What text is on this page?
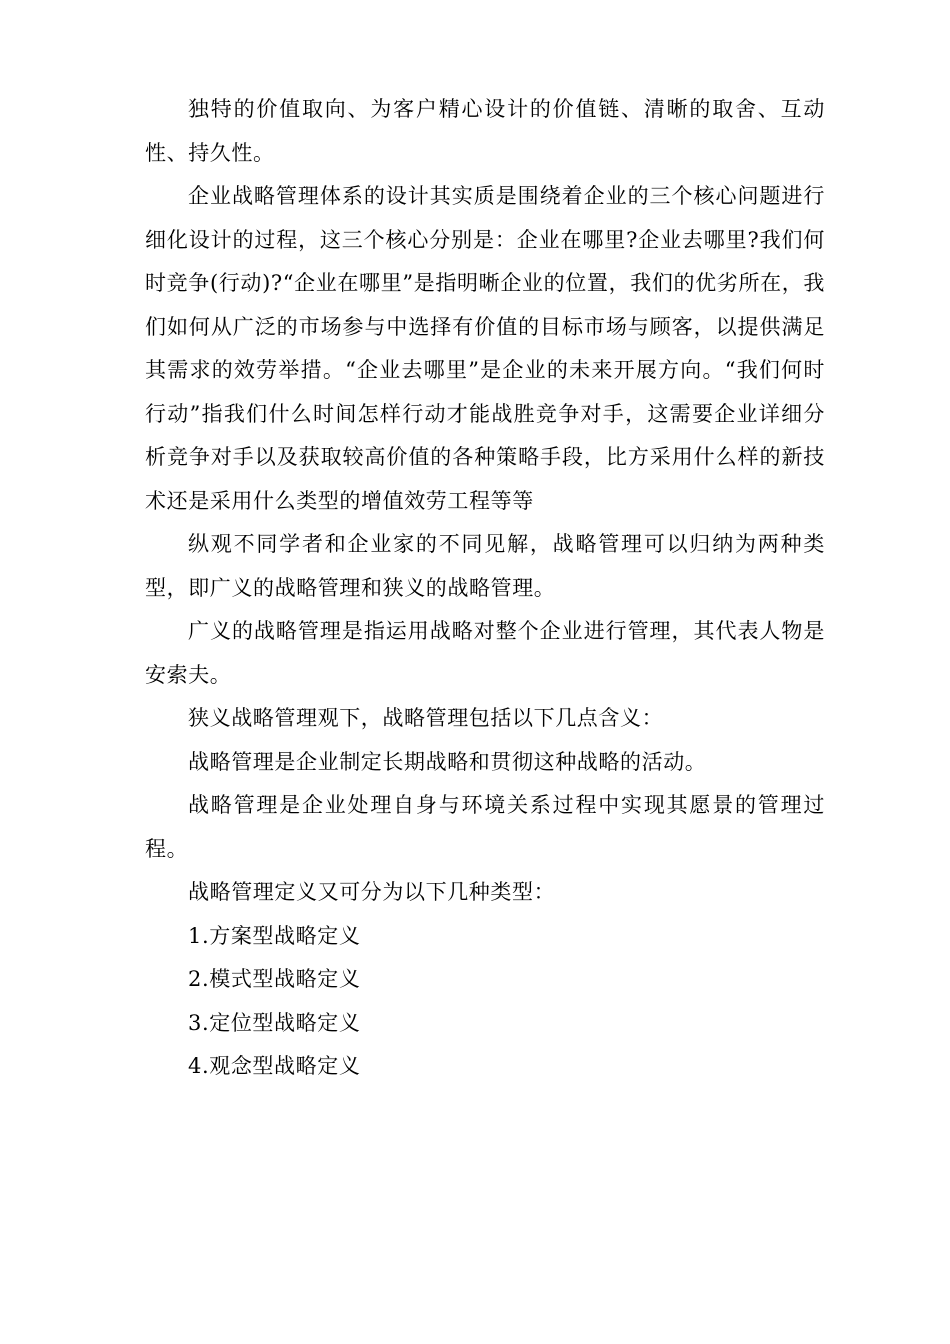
独特的价值取向、为客户精心设计的价值链、清晰的取舍、互动性、持久性。

企业战略管理体系的设计其实质是围绕着企业的三个核心问题进行细化设计的过程，这三个核心分别是：企业在哪里?企业去哪里?我们何时竞争(行动)?“企业在哪里”是指明晰企业的位置，我们的优劣所在，我们如何从广泛的市场参与中选择有价值的目标市场与顾客，以提供满足其需求的效劳举措。“企业去哪里”是企业的未来开展方向。“我们何时行动”指我们什么时间怎样行动才能战胜竞争对手，这需要企业详细分析竞争对手以及获取较高价值的各种策略手段，比方采用什么样的新技术还是采用什么类型的增值效劳工程等等

纵观不同学者和企业家的不同见解，战略管理可以归纳为两种类型，即广义的战略管理和狭义的战略管理。

广义的战略管理是指运用战略对整个企业进行管理，其代表人物是安索夫。

狭义战略管理观下，战略管理包括以下几点含义：

战略管理是企业制定长期战略和贯彻这种战略的活动。

战略管理是企业处理自身与环境关系过程中实现其愿景的管理过程。

战略管理定义又可分为以下几种类型：

1.方案型战略定义

2.模式型战略定义

3.定位型战略定义

4.观念型战略定义
